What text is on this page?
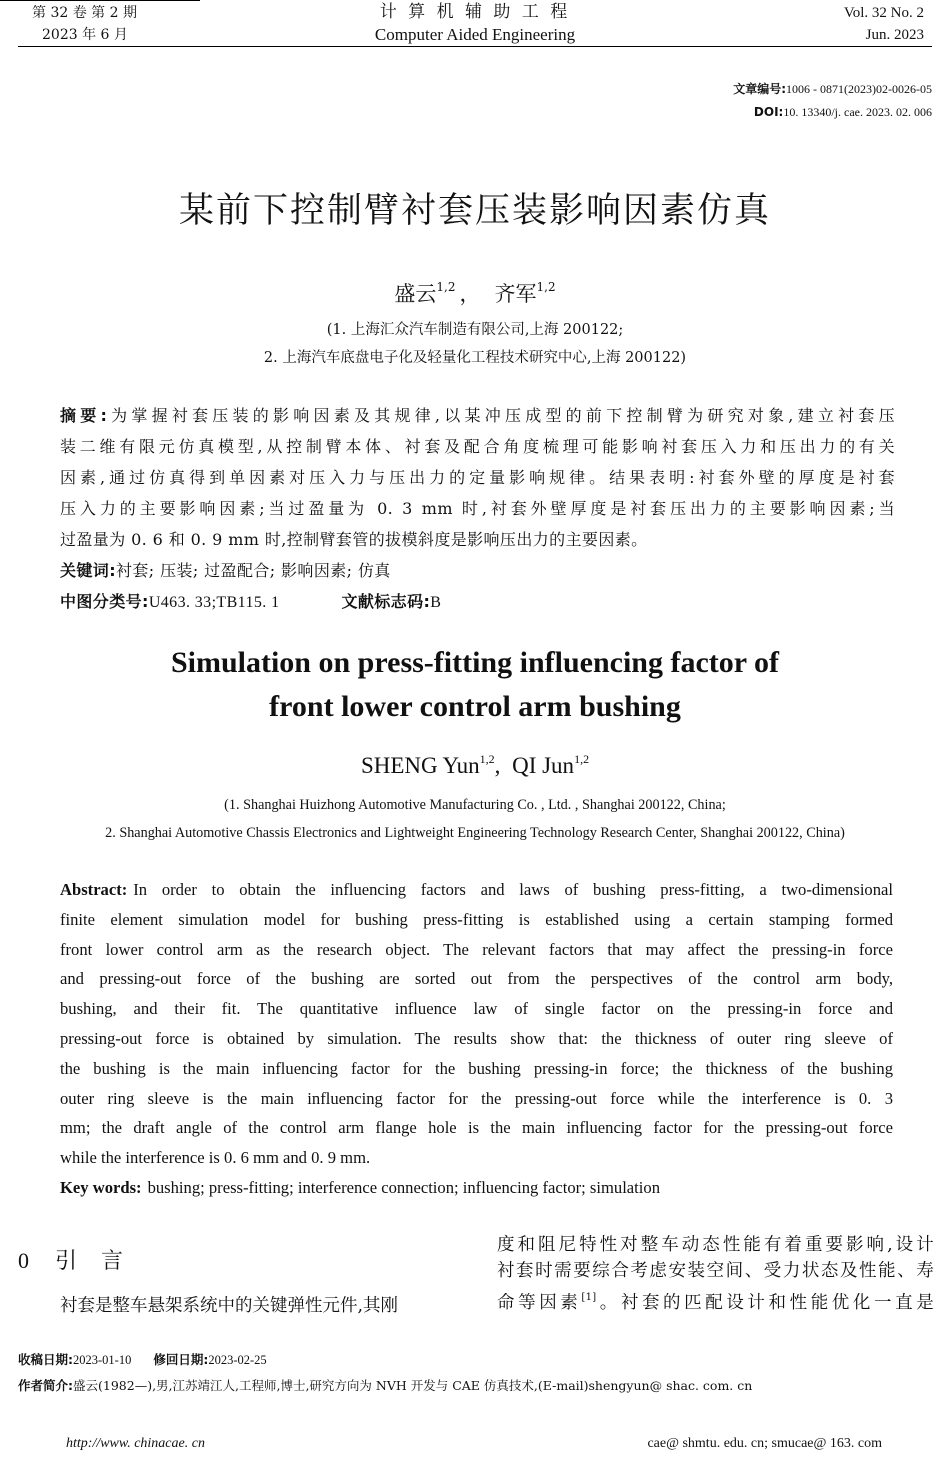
第 32 卷 第 2 期
2023 年 6 月
计 算 机 辅 助 工 程
Computer Aided Engineering
Vol. 32 No. 2
Jun. 2023
文章编号:1006 - 0871(2023)02-0026-05
DOI:10. 13340/j. cae. 2023. 02. 006
某前下控制臂衬套压装影响因素仿真
盛云$^{1,2}$ ， 齐军$^{1,2}$
(1. 上海汇众汽车制造有限公司,上海 200122;
2. 上海汽车底盘电子化及轻量化工程技术研究中心,上海 200122)

摘要:为掌握衬套压装的影响因素及其规律,以某冲压成型的前下控制臂为研究对象,建立衬套压

装二维有限元仿真模型,从控制臂本体、衬套及配合角度梳理可能影响衬套压入力和压出力的有关

因素,通过仿真得到单因素对压入力与压出力的定量影响规律。结果表明:衬套外壁的厚度是衬套

压入力的主要影响因素;当过盈量为 0. 3 mm 时,衬套外壁厚度是衬套压出力的主要影响因素;当

过盈量为 0. 6 和 0. 9 mm 时,控制臂套管的拔模斜度是影响压出力的主要因素。

关键词:衬套; 压装; 过盈配合; 影响因素; 仿真

中图分类号:U463. 33;TB115. 1	文献标志码:B

Simulation on press-fitting influencing factor of
front lower control arm bushing
SHENG Yun$^{1,2}$, QI Jun$^{1,2}$
(1. Shanghai Huizhong Automotive Manufacturing Co. , Ltd. , Shanghai 200122, China;
2. Shanghai Automotive Chassis Electronics and Lightweight Engineering Technology Research Center, Shanghai 200122, China)

Abstract: In order to obtain the influencing factors and laws of bushing press-fitting, a two-dimensional

finite element simulation model for bushing press-fitting is established using a certain stamping formed

front lower control arm as the research object. The relevant factors that may affect the pressing-in force

and pressing-out force of the bushing are sorted out from the perspectives of the control arm body,

bushing, and their fit. The quantitative influence law of single factor on the pressing-in force and

pressing-out force is obtained by simulation. The results show that: the thickness of outer ring sleeve of

the bushing is the main influencing factor for the bushing pressing-in force; the thickness of the bushing

outer ring sleeve is the main influencing factor for the pressing-out force while the interference is 0. 3

mm; the draft angle of the control arm flange hole is the main influencing factor for the pressing-out force

while the interference is 0. 6 mm and 0. 9 mm.

Key words: bushing; press-fitting; interference connection; influencing factor; simulation

0 引言
衬套是整车悬架系统中的关键弹性元件,其刚

度和阻尼特性对整车动态性能有着重要影响,设计

衬套时需要综合考虑安装空间、受力状态及性能、寿

命等因素[1]。衬套的匹配设计和性能优化一直是

收稿日期:2023-01-10 修回日期:2023-02-25
作者简介:盛云(1982—),男,江苏靖江人,工程师,博士,研究方向为 NVH 开发与 CAE 仿真技术,(E-mail)shengyun@ shac. com. cn
http://www. chinacae. cn	cae@ shmtu. edu. cn; smucae@ 163. com
